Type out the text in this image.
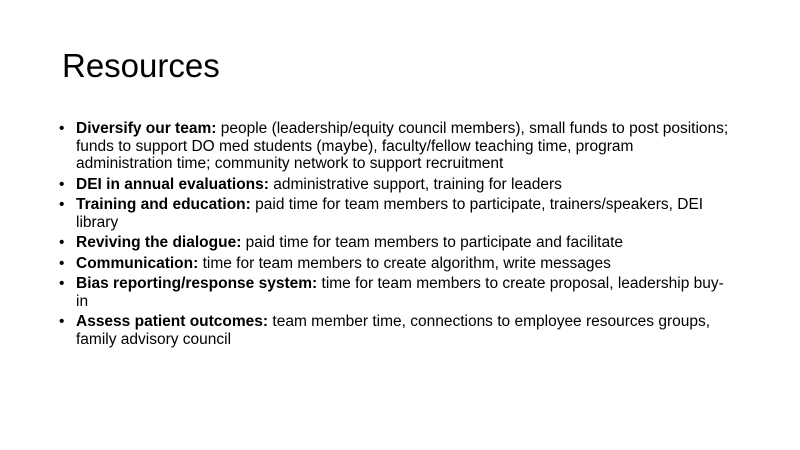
Resources
• Diversify our team: people (leadership/equity council members), small funds to post positions; funds to support DO med students (maybe), faculty/fellow teaching time, program administration time; community network to support recruitment
• DEI in annual evaluations: administrative support, training for leaders
• Training and education: paid time for team members to participate, trainers/speakers, DEI library
• Reviving the dialogue: paid time for team members to participate and facilitate
• Communication: time for team members to create algorithm, write messages
• Bias reporting/response system: time for team members to create proposal, leadership buy-in
• Assess patient outcomes: team member time, connections to employee resources groups, family advisory council
